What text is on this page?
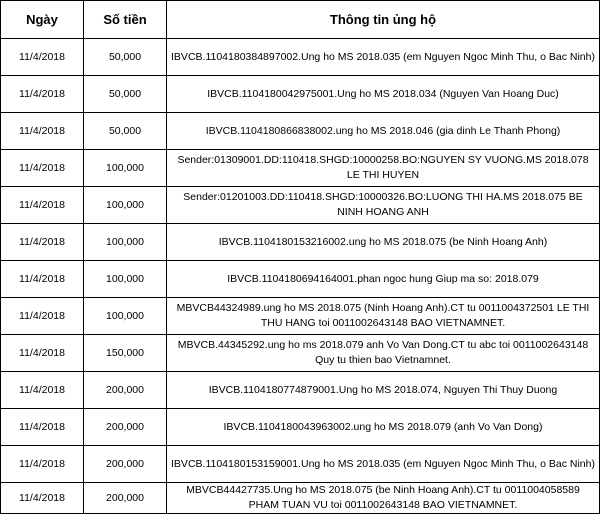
Ngày	Số tiền	Thông tin ủng hộ
11/4/2018	50,000	IBVCB.1104180384897002.Ung ho MS 2018.035 (em Nguyen Ngoc Minh Thu, o Bac Ninh)
11/4/2018	50,000	IBVCB.1104180042975001.Ung ho MS 2018.034 (Nguyen Van Hoang Duc)
11/4/2018	50,000	IBVCB.1104180866838002.ung ho MS 2018.046 (gia dinh Le Thanh Phong)
11/4/2018	100,000	Sender:01309001.DD:110418.SHGD:10000258.BO:NGUYEN SY VUONG.MS 2018.078 LE THI HUYEN
11/4/2018	100,000	Sender:01201003.DD:110418.SHGD:10000326.BO:LUONG THI HA.MS 2018.075 BE NINH HOANG ANH
11/4/2018	100,000	IBVCB.1104180153216002.ung ho MS 2018.075 (be Ninh Hoang Anh)
11/4/2018	100,000	IBVCB.1104180694164001.phan ngoc hung Giup ma so: 2018.079
11/4/2018	100,000	MBVCB44324989.ung ho MS 2018.075 (Ninh Hoang Anh).CT tu 0011004372501 LE THI THU HANG toi 0011002643148 BAO VIETNAMNET.
11/4/2018	150,000	MBVCB.44345292.ung ho ms 2018.079 anh Vo Van Dong.CT tu abc toi 0011002643148 Quy tu thien bao Vietnamnet.
11/4/2018	200,000	IBVCB.1104180774879001.Ung ho MS 2018.074, Nguyen Thi Thuy Duong
11/4/2018	200,000	IBVCB.1104180043963002.ung ho MS 2018.079 (anh Vo Van Dong)
11/4/2018	200,000	IBVCB.1104180153159001.Ung ho MS 2018.035 (em Nguyen Ngoc Minh Thu, o Bac Ninh)
11/4/2018	200,000	MBVCB44427735.Ung ho MS 2018.075 (be Ninh Hoang Anh).CT tu 0011004058589 PHAM TUAN VU toi 0011002643148 BAO VIETNAMNET.
